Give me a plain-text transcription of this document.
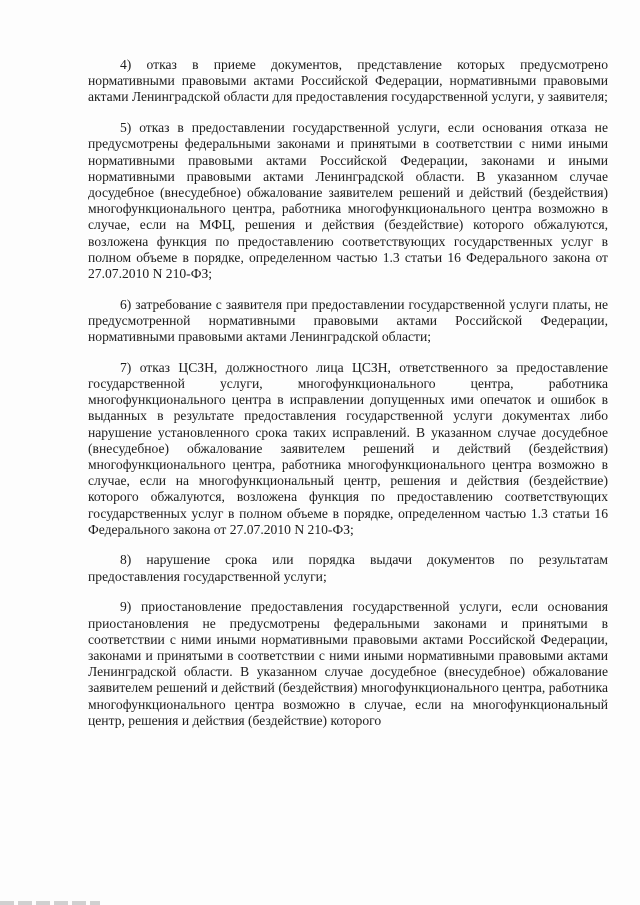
4) отказ в приеме документов, представление которых предусмотрено нормативными правовыми актами Российской Федерации, нормативными правовыми актами Ленинградской области для предоставления государственной услуги, у заявителя;

5) отказ в предоставлении государственной услуги, если основания отказа не предусмотрены федеральными законами и принятыми в соответствии с ними иными нормативными правовыми актами Российской Федерации, законами и иными нормативными правовыми актами Ленинградской области. В указанном случае досудебное (внесудебное) обжалование заявителем решений и действий (бездействия) многофункционального центра, работника многофункционального центра возможно в случае, если на МФЦ, решения и действия (бездействие) которого обжалуются, возложена функция по предоставлению соответствующих государственных услуг в полном объеме в порядке, определенном частью 1.3 статьи 16 Федерального закона от 27.07.2010 N 210-ФЗ;

6) затребование с заявителя при предоставлении государственной услуги платы, не предусмотренной нормативными правовыми актами Российской Федерации, нормативными правовыми актами Ленинградской области;

7) отказ ЦСЗН, должностного лица ЦСЗН, ответственного за предоставление государственной услуги, многофункционального центра, работника многофункционального центра в исправлении допущенных ими опечаток и ошибок в выданных в результате предоставления государственной услуги документах либо нарушение установленного срока таких исправлений. В указанном случае досудебное (внесудебное) обжалование заявителем решений и действий (бездействия) многофункционального центра, работника многофункционального центра возможно в случае, если на многофункциональный центр, решения и действия (бездействие) которого обжалуются, возложена функция по предоставлению соответствующих государственных услуг в полном объеме в порядке, определенном частью 1.3 статьи 16 Федерального закона от 27.07.2010 N 210-ФЗ;

8) нарушение срока или порядка выдачи документов по результатам предоставления государственной услуги;

9) приостановление предоставления государственной услуги, если основания приостановления не предусмотрены федеральными законами и принятыми в соответствии с ними иными нормативными правовыми актами Российской Федерации, законами и принятыми в соответствии с ними иными нормативными правовыми актами Ленинградской области. В указанном случае досудебное (внесудебное) обжалование заявителем решений и действий (бездействия) многофункционального центра, работника многофункционального центра возможно в случае, если на многофункциональный центр, решения и действия (бездействие) которого
